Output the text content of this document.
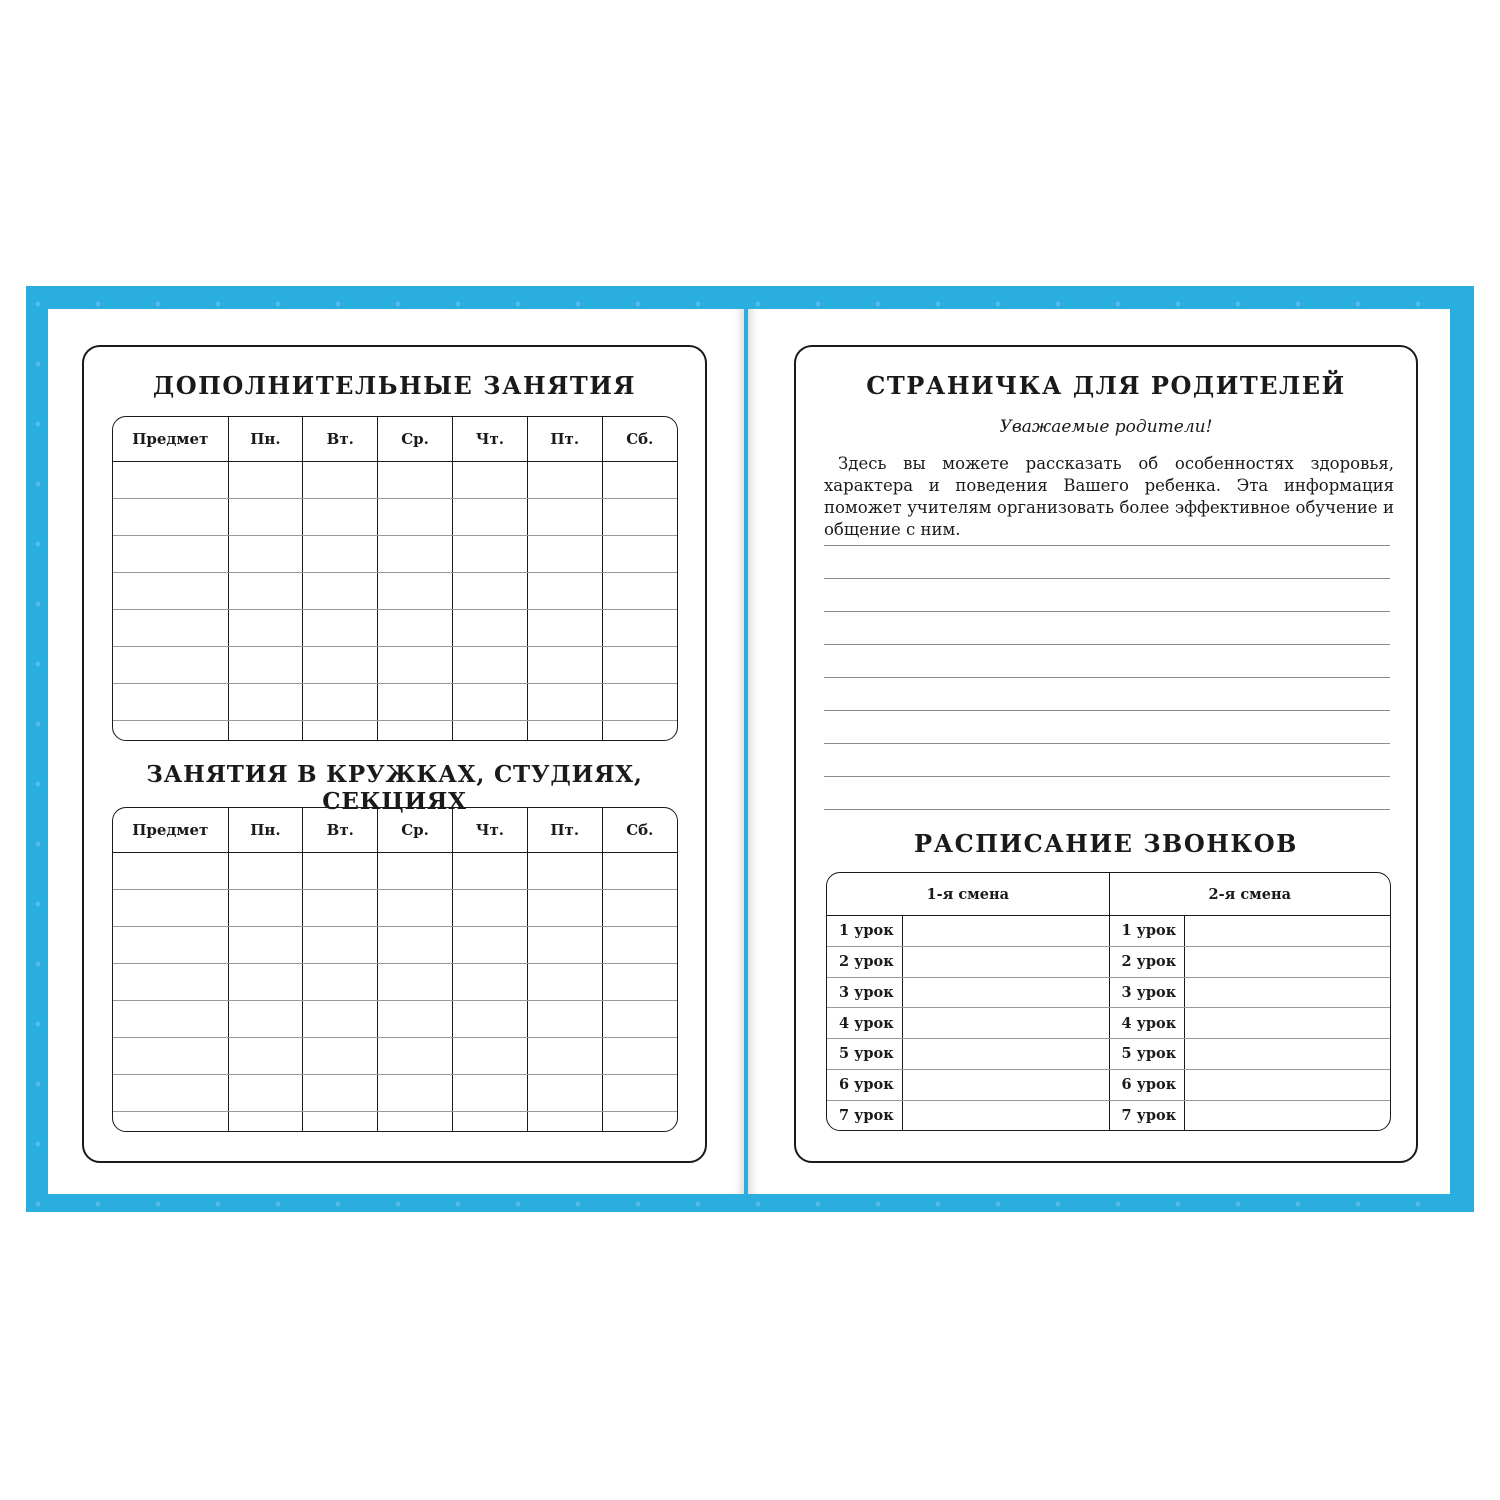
ДОПОЛНИТЕЛЬНЫЕ ЗАНЯТИЯ
Предмет	Пн.	Вт.	Ср.	Чт.	Пт.	Сб.

ЗАНЯТИЯ В КРУЖКАХ, СТУДИЯХ, СЕКЦИЯХ
Предмет	Пн.	Вт.	Ср.	Чт.	Пт.	Сб.

СТРАНИЧКА ДЛЯ РОДИТЕЛЕЙ
Уважаемые родители!
Здесь вы можете рассказать об особенностях здоровья, характера и поведения Вашего ребенка. Эта информация поможет учителям организовать более эффективное обучение и общение с ним.
РАСПИСАНИЕ ЗВОНКОВ
1-я смена		2-я смена	
1 урок		1 урок	
2 урок		2 урок	
3 урок		3 урок	
4 урок		4 урок	
5 урок		5 урок	
6 урок		6 урок	
7 урок		7 урок	
